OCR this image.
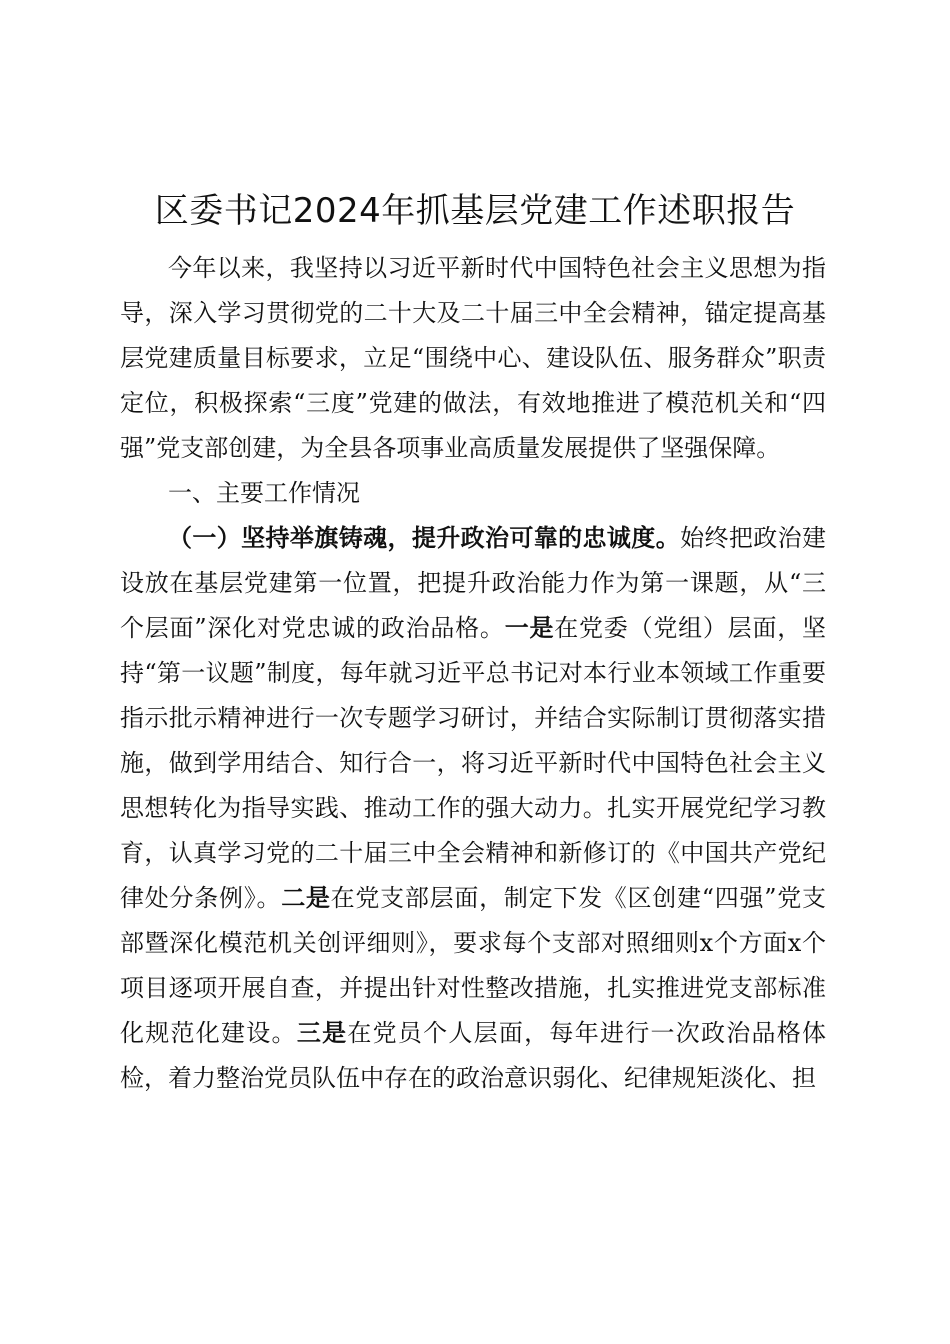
区委书记2024年抓基层党建工作述职报告

今年以来，我坚持以习近平新时代中国特色社会主义思想为指导，深入学习贯彻党的二十大及二十届三中全会精神，锚定提高基层党建质量目标要求，立足“围绕中心、建设队伍、服务群众”职责定位，积极探索“三度”党建的做法，有效地推进了模范机关和“四强”党支部创建，为全县各项事业高质量发展提供了坚强保障。

一、主要工作情况

（一）坚持举旗铸魂，提升政治可靠的忠诚度。始终把政治建设放在基层党建第一位置，把提升政治能力作为第一课题，从“三个层面”深化对党忠诚的政治品格。一是在党委（党组）层面，坚持“第一议题”制度，每年就习近平总书记对本行业本领域工作重要指示批示精神进行一次专题学习研讨，并结合实际制订贯彻落实措施，做到学用结合、知行合一，将习近平新时代中国特色社会主义思想转化为指导实践、推动工作的强大动力。扎实开展党纪学习教育，认真学习党的二十届三中全会精神和新修订的《中国共产党纪律处分条例》。二是在党支部层面，制定下发《区创建“四强”党支部暨深化模范机关创评细则》，要求每个支部对照细则x个方面x个项目逐项开展自查，并提出针对性整改措施，扎实推进党支部标准化规范化建设。三是在党员个人层面，每年进行一次政治品格体检，着力整治党员队伍中存在的政治意识弱化、纪律规矩淡化、担
